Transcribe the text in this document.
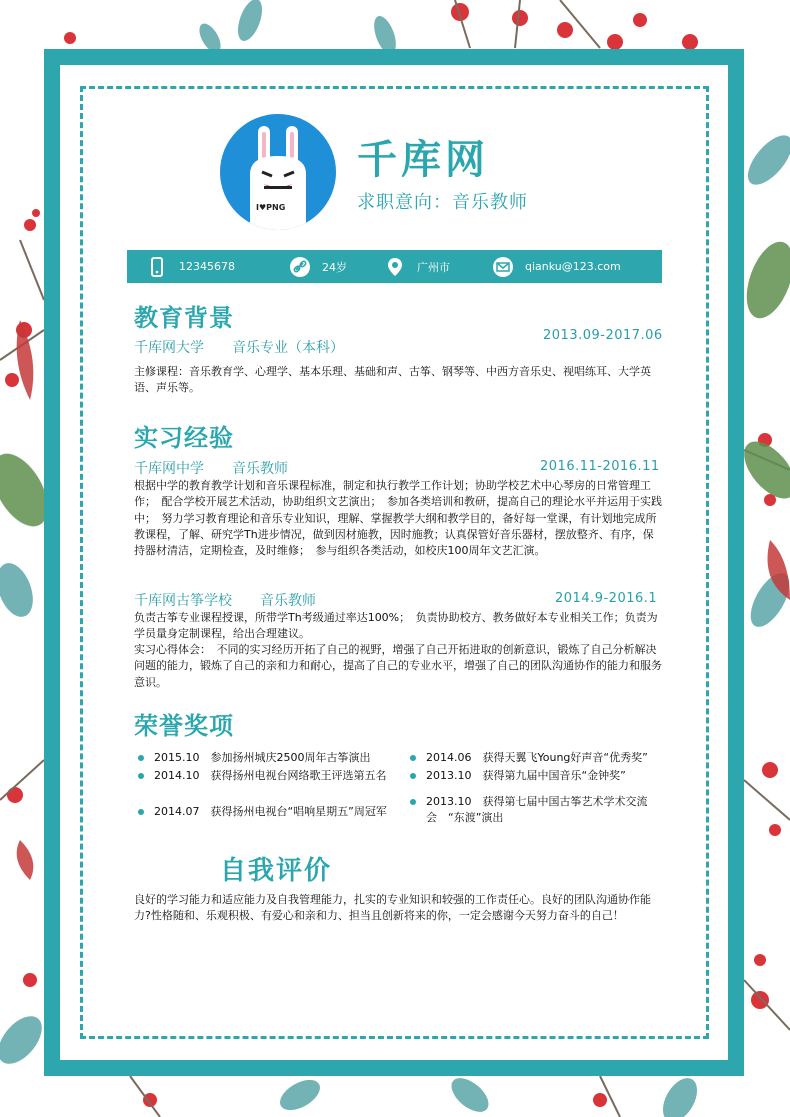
I♥PNG
千库网
求职意向：音乐教师
12345678	24岁	广州市	qianku@123.com
教育背景
千库网大学　　音乐专业（本科）
2013.09-2017.06
主修课程：音乐教育学、心理学、基本乐理、基础和声、古筝、钢琴等、中西方音乐史、视唱练耳、大学英语、声乐等。
实习经验
千库网中学　　音乐教师	2016.11-2016.11
根据中学的教育教学计划和音乐课程标准，制定和执行教学工作计划；协助学校艺术中心琴房的日常管理工作；　配合学校开展艺术活动，协助组织文艺演出；　参加各类培训和教研，提高自己的理论水平并运用于实践中；　努力学习教育理论和音乐专业知识，理解、掌握教学大纲和教学目的，备好每一堂课，有计划地完成所教课程，了解、研究学Th进步情况，做到因材施教，因时施教；认真保管好音乐器材，摆放整齐、有序，保持器材清洁，定期检查，及时维修；　参与组织各类活动，如校庆100周年文艺汇演。
千库网古筝学校　　音乐教师	2014.9-2016.1
负责古筝专业课程授课，所带学Th考级通过率达100%；　负责协助校方、教务做好本专业相关工作；负责为学员量身定制课程，给出合理建议。
实习心得体会：　不同的实习经历开拓了自己的视野，增强了自己开拓进取的创新意识，锻炼了自己分析解决问题的能力，锻炼了自己的亲和力和耐心，提高了自己的专业水平，增强了自己的团队沟通协作的能力和服务意识。
荣誉奖项
2015.10　参加扬州城庆2500周年古筝演出
2014.10　获得扬州电视台网络歌王评选第五名
2014.07　获得扬州电视台“唱响星期五”周冠军
2014.06　获得天翼飞Young好声音“优秀奖”
2013.10　获得第九届中国音乐“金钟奖”
2013.10　获得第七届中国古筝艺术学术交流会　“东渡”演出
自我评价
良好的学习能力和适应能力及自我管理能力，扎实的专业知识和较强的工作责任心。良好的团队沟通协作能力?性格随和、乐观积极、有爱心和亲和力、担当且创新将来的你，一定会感谢今天努力奋斗的自己！
